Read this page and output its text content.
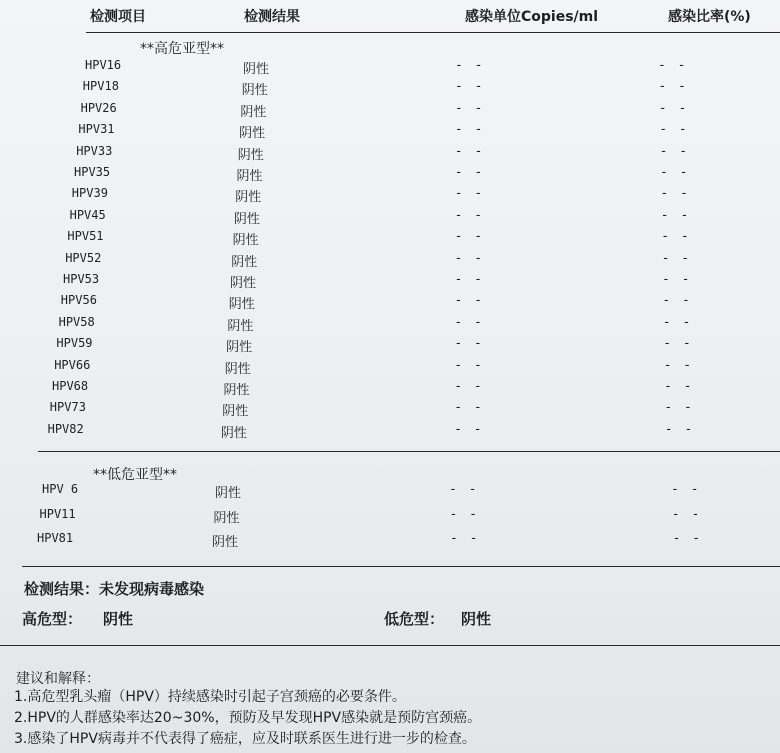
检测项目	检测结果	感染单位Copies/ml	感染比率(%)
**高危亚型**
HPV16	阴性	- -	- -
HPV18	阴性	- -	- -
HPV26	阴性	- -	- -
HPV31	阴性	- -	- -
HPV33	阴性	- -	- -
HPV35	阴性	- -	- -
HPV39	阴性	- -	- -
HPV45	阴性	- -	- -
HPV51	阴性	- -	- -
HPV52	阴性	- -	- -
HPV53	阴性	- -	- -
HPV56	阴性	- -	- -
HPV58	阴性	- -	- -
HPV59	阴性	- -	- -
HPV66	阴性	- -	- -
HPV68	阴性	- -	- -
HPV73	阴性	- -	- -
HPV82	阴性	- -	- -
**低危亚型**
HPV 6	阴性	- -	- -
HPV11	阴性	- -	- -
HPV81	阴性	- -	- -
检测结果：未发现病毒感染
高危型： 阴性	低危型： 阴性
建议和解释：
1.高危型乳头瘤（HPV）持续感染时引起子宫颈癌的必要条件。
2.HPV的人群感染率达20~30%，预防及早发现HPV感染就是预防宫颈癌。
3.感染了HPV病毒并不代表得了癌症，应及时联系医生进行进一步的检查。
